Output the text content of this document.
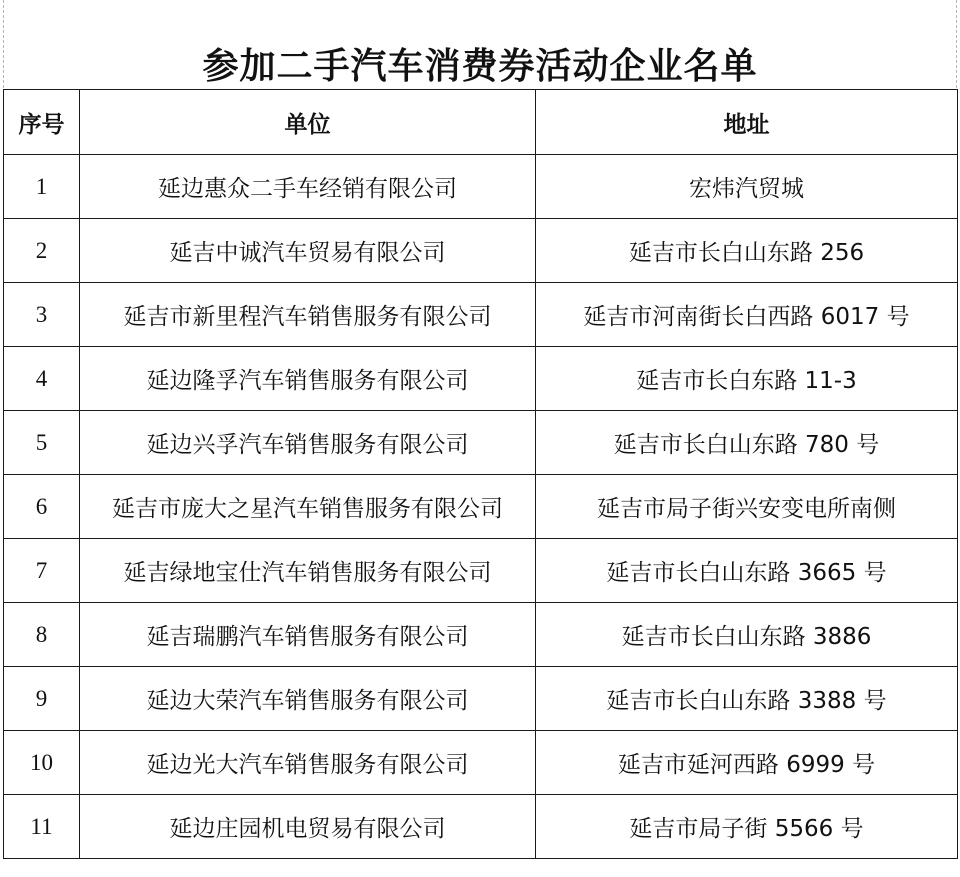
参加二手汽车消费券活动企业名单
序号	单位	地址
1	延边惠众二手车经销有限公司	宏炜汽贸城
2	延吉中诚汽车贸易有限公司	延吉市长白山东路 256
3	延吉市新里程汽车销售服务有限公司	延吉市河南街长白西路 6017 号
4	延边隆孚汽车销售服务有限公司	延吉市长白东路 11-3
5	延边兴孚汽车销售服务有限公司	延吉市长白山东路 780 号
6	延吉市庞大之星汽车销售服务有限公司	延吉市局子街兴安变电所南侧
7	延吉绿地宝仕汽车销售服务有限公司	延吉市长白山东路 3665 号
8	延吉瑞鹏汽车销售服务有限公司	延吉市长白山东路 3886
9	延边大荣汽车销售服务有限公司	延吉市长白山东路 3388 号
10	延边光大汽车销售服务有限公司	延吉市延河西路 6999 号
11	延边庄园机电贸易有限公司	延吉市局子街 5566 号
